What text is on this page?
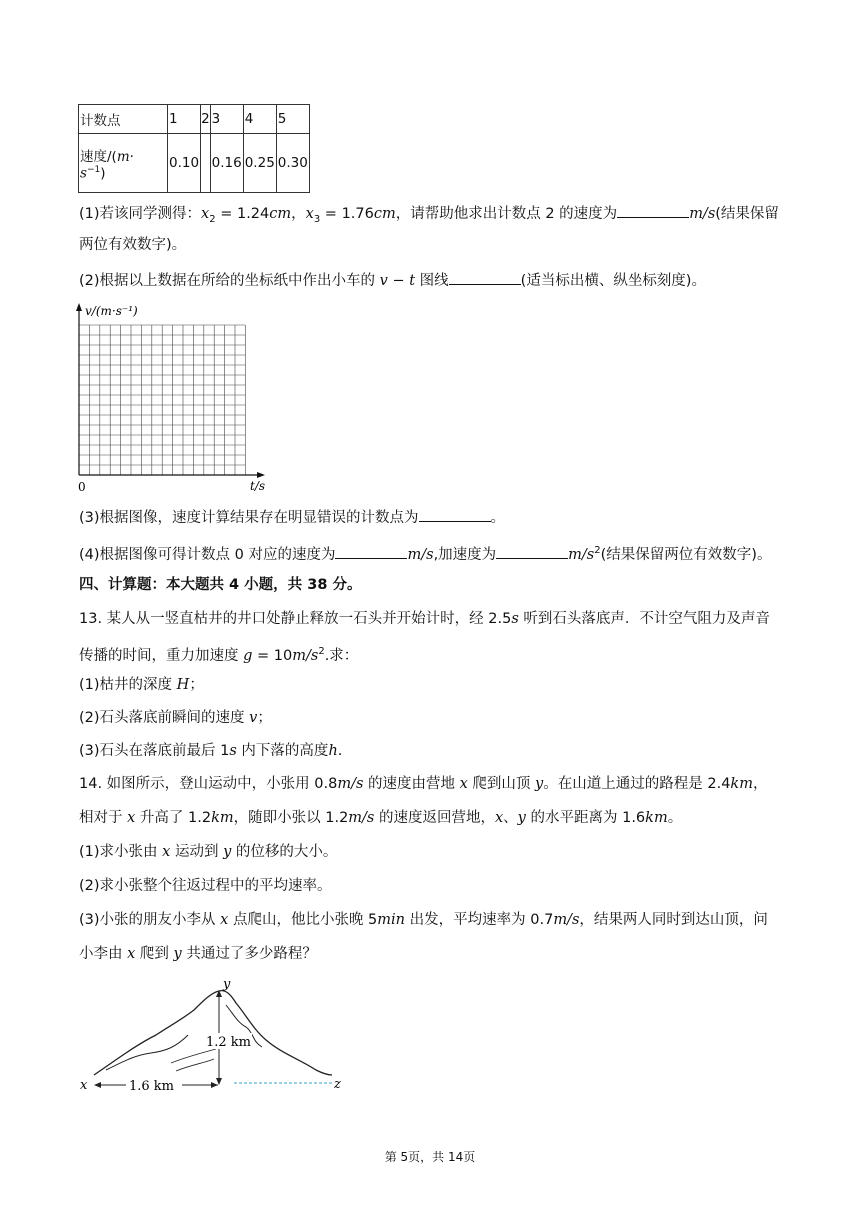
计数点	1	2	3	4	5
速度/(m·
$s^{-1}$)	0.10		0.16	0.25	0.30
(1)若该同学测得：$x_2 = 1.24cm$，$x_3 = 1.76cm$，请帮助他求出计数点 2 的速度为	m/s(结果保留
两位有效数字)。
(2)根据以上数据在所给的坐标纸中作出小车的 v − t 图线	(适当标出横、纵坐标刻度)。
v/(m·s⁻¹)
t/s
0
(3)根据图像，速度计算结果存在明显错误的计数点为	。
(4)根据图像可得计数点 0 对应的速度为	m/s,加速度为	$m/s^2$(结果保留两位有效数字)。
四、计算题：本大题共 4 小题，共 38 分。
13. 某人从一竖直枯井的井口处静止释放一石头并开始计时，经 2.5s 听到石头落底声．不计空气阻力及声音
传播的时间，重力加速度 $g = 10m/s^2$.求：
(1)枯井的深度 H；
(2)石头落底前瞬间的速度 v；
(3)石头在落底前最后 1s 内下落的高度h.
14. 如图所示，登山运动中，小张用 0.8m/s 的速度由营地 x 爬到山顶 y。在山道上通过的路程是 2.4km，
相对于 x 升高了 1.2km，随即小张以 1.2m/s 的速度返回营地，x、y 的水平距离为 1.6km。
(1)求小张由 x 运动到 y 的位移的大小。
(2)求小张整个往返过程中的平均速率。
(3)小张的朋友小李从 x 点爬山，他比小张晚 5min 出发，平均速率为 0.7m/s，结果两人同时到达山顶，问
小李由 x 爬到 y 共通过了多少路程？
y
x	z
1.2 km
1.6 km
第 5页，共 14页
